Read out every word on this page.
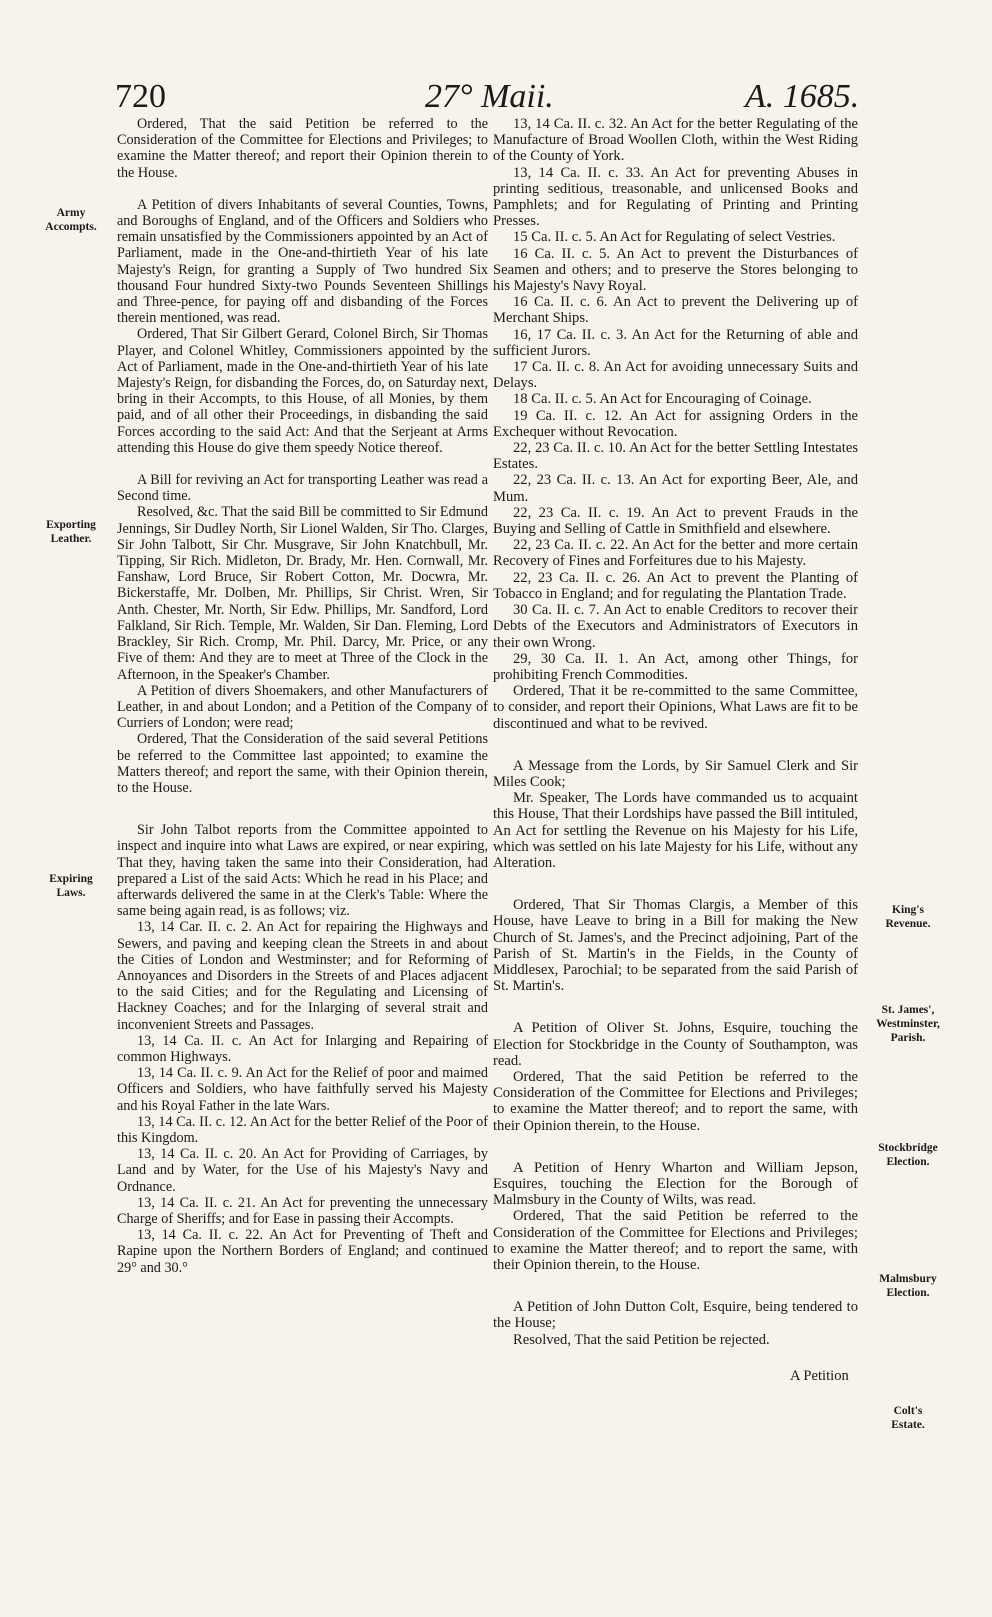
720	27° Maii.	A. 1685.
Army
Accompts.
Exporting
Leather.
Expiring
Laws.
King's
Revenue.
St. James',
Westminster,
Parish.
Stockbridge
Election.
Malmsbury
Election.
Colt's
Estate.

Ordered, That the said Petition be referred to the Consideration of the Committee for Elections and Privileges; to examine the Matter thereof; and report their Opinion therein to the House.

A Petition of divers Inhabitants of several Counties, Towns, and Boroughs of England, and of the Officers and Soldiers who remain unsatisfied by the Commissioners appointed by an Act of Parliament, made in the One-and-thirtieth Year of his late Majesty's Reign, for granting a Supply of Two hundred Six thousand Four hundred Sixty-two Pounds Seventeen Shillings and Three-pence, for paying off and disbanding of the Forces therein mentioned, was read.

Ordered, That Sir Gilbert Gerard, Colonel Birch, Sir Thomas Player, and Colonel Whitley, Commissioners appointed by the Act of Parliament, made in the One-and-thirtieth Year of his late Majesty's Reign, for disbanding the Forces, do, on Saturday next, bring in their Accompts, to this House, of all Monies, by them paid, and of all other their Proceedings, in disbanding the said Forces according to the said Act: And that the Serjeant at Arms attending this House do give them speedy Notice thereof.

A Bill for reviving an Act for transporting Leather was read a Second time.

Resolved, &c. That the said Bill be committed to Sir Edmund Jennings, Sir Dudley North, Sir Lionel Walden, Sir Tho. Clarges, Sir John Talbott, Sir Chr. Musgrave, Sir John Knatchbull, Mr. Tipping, Sir Rich. Midleton, Dr. Brady, Mr. Hen. Cornwall, Mr. Fanshaw, Lord Bruce, Sir Robert Cotton, Mr. Docwra, Mr. Bickerstaffe, Mr. Dolben, Mr. Phillips, Sir Christ. Wren, Sir Anth. Chester, Mr. North, Sir Edw. Phillips, Mr. Sandford, Lord Falkland, Sir Rich. Temple, Mr. Walden, Sir Dan. Fleming, Lord Brackley, Sir Rich. Cromp, Mr. Phil. Darcy, Mr. Price, or any Five of them: And they are to meet at Three of the Clock in the Afternoon, in the Speaker's Chamber.

A Petition of divers Shoemakers, and other Manufacturers of Leather, in and about London; and a Petition of the Company of Curriers of London; were read;

Ordered, That the Consideration of the said several Petitions be referred to the Committee last appointed; to examine the Matters thereof; and report the same, with their Opinion therein, to the House.

Sir John Talbot reports from the Committee appointed to inspect and inquire into what Laws are expired, or near expiring, That they, having taken the same into their Consideration, had prepared a List of the said Acts: Which he read in his Place; and afterwards delivered the same in at the Clerk's Table: Where the same being again read, is as follows; viz.

13, 14 Car. II. c. 2. An Act for repairing the Highways and Sewers, and paving and keeping clean the Streets in and about the Cities of London and Westminster; and for Reforming of Annoyances and Disorders in the Streets of and Places adjacent to the said Cities; and for the Regulating and Licensing of Hackney Coaches; and for the Inlarging of several strait and inconvenient Streets and Passages.

13, 14 Ca. II. c. An Act for Inlarging and Repairing of common Highways.

13, 14 Ca. II. c. 9. An Act for the Relief of poor and maimed Officers and Soldiers, who have faithfully served his Majesty and his Royal Father in the late Wars.

13, 14 Ca. II. c. 12. An Act for the better Relief of the Poor of this Kingdom.

13, 14 Ca. II. c. 20. An Act for Providing of Carriages, by Land and by Water, for the Use of his Majesty's Navy and Ordnance.

13, 14 Ca. II. c. 21. An Act for preventing the unnecessary Charge of Sheriffs; and for Ease in passing their Accompts.

13, 14 Ca. II. c. 22. An Act for Preventing of Theft and Rapine upon the Northern Borders of England; and continued 29° and 30.°

13, 14 Ca. II. c. 32. An Act for the better Regulating of the Manufacture of Broad Woollen Cloth, within the West Riding of the County of York.

13, 14 Ca. II. c. 33. An Act for preventing Abuses in printing seditious, treasonable, and unlicensed Books and Pamphlets; and for Regulating of Printing and Printing Presses.

15 Ca. II. c. 5. An Act for Regulating of select Vestries.

16 Ca. II. c. 5. An Act to prevent the Disturbances of Seamen and others; and to preserve the Stores belonging to his Majesty's Navy Royal.

16 Ca. II. c. 6. An Act to prevent the Delivering up of Merchant Ships.

16, 17 Ca. II. c. 3. An Act for the Returning of able and sufficient Jurors.

17 Ca. II. c. 8. An Act for avoiding unnecessary Suits and Delays.

18 Ca. II. c. 5. An Act for Encouraging of Coinage.

19 Ca. II. c. 12. An Act for assigning Orders in the Exchequer without Revocation.

22, 23 Ca. II. c. 10. An Act for the better Settling Intestates Estates.

22, 23 Ca. II. c. 13. An Act for exporting Beer, Ale, and Mum.

22, 23 Ca. II. c. 19. An Act to prevent Frauds in the Buying and Selling of Cattle in Smithfield and elsewhere.

22, 23 Ca. II. c. 22. An Act for the better and more certain Recovery of Fines and Forfeitures due to his Majesty.

22, 23 Ca. II. c. 26. An Act to prevent the Planting of Tobacco in England; and for regulating the Plantation Trade.

30 Ca. II. c. 7. An Act to enable Creditors to recover their Debts of the Executors and Administrators of Executors in their own Wrong.

29, 30 Ca. II. 1. An Act, among other Things, for prohibiting French Commodities.

Ordered, That it be re-committed to the same Committee, to consider, and report their Opinions, What Laws are fit to be discontinued and what to be revived.

A Message from the Lords, by Sir Samuel Clerk and Sir Miles Cook;

Mr. Speaker, The Lords have commanded us to acquaint this House, That their Lordships have passed the Bill intituled, An Act for settling the Revenue on his Majesty for his Life, which was settled on his late Majesty for his Life, without any Alteration.

Ordered, That Sir Thomas Clargis, a Member of this House, have Leave to bring in a Bill for making the New Church of St. James's, and the Precinct adjoining, Part of the Parish of St. Martin's in the Fields, in the County of Middlesex, Parochial; to be separated from the said Parish of St. Martin's.

A Petition of Oliver St. Johns, Esquire, touching the Election for Stockbridge in the County of Southampton, was read.

Ordered, That the said Petition be referred to the Consideration of the Committee for Elections and Privileges; to examine the Matter thereof; and to report the same, with their Opinion therein, to the House.

A Petition of Henry Wharton and William Jepson, Esquires, touching the Election for the Borough of Malmsbury in the County of Wilts, was read.

Ordered, That the said Petition be referred to the Consideration of the Committee for Elections and Privileges; to examine the Matter thereof; and to report the same, with their Opinion therein, to the House.

A Petition of John Dutton Colt, Esquire, being tendered to the House;

Resolved, That the said Petition be rejected.

A Petition
